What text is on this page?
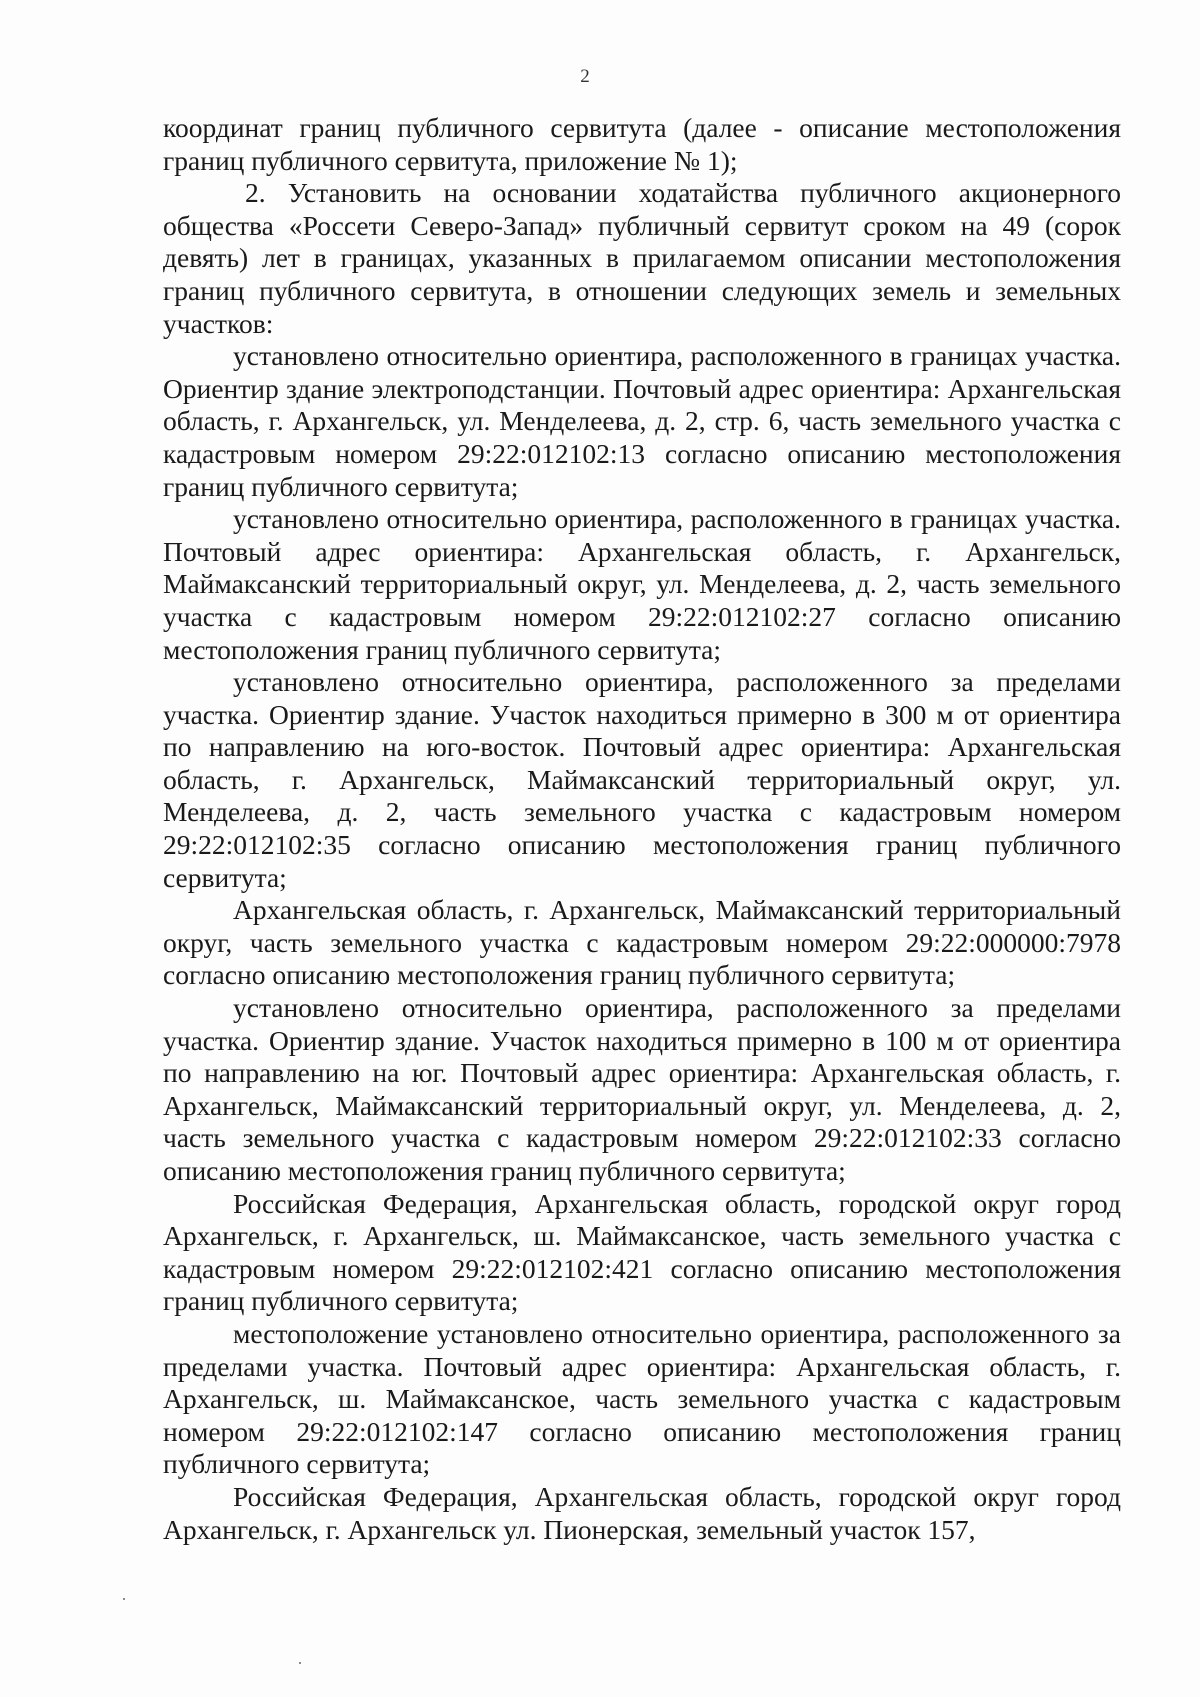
2

координат границ публичного сервитута (далее - описание местоположения границ публичного сервитута, приложение № 1);

2. Установить на основании ходатайства публичного акционерного общества «Россети Северо-Запад» публичный сервитут сроком на 49 (сорок девять) лет в границах, указанных в прилагаемом описании местоположения границ публичного сервитута, в отношении следующих земель и земельных участков:

установлено относительно ориентира, расположенного в границах участка. Ориентир здание электроподстанции. Почтовый адрес ориентира: Архангельская область, г. Архангельск, ул. Менделеева, д. 2, стр. 6, часть земельного участка с кадастровым номером 29:22:012102:13 согласно описанию местоположения границ публичного сервитута;

установлено относительно ориентира, расположенного в границах участка. Почтовый адрес ориентира: Архангельская область, г. Архангельск, Маймаксанский территориальный округ, ул. Менделеева, д. 2, часть земельного участка с кадастровым номером 29:22:012102:27 согласно описанию местоположения границ публичного сервитута;

установлено относительно ориентира, расположенного за пределами участка. Ориентир здание. Участок находиться примерно в 300 м от ориентира по направлению на юго-восток. Почтовый адрес ориентира: Архангельская область, г. Архангельск, Маймаксанский территориальный округ, ул. Менделеева, д. 2, часть земельного участка с кадастровым номером 29:22:012102:35 согласно описанию местоположения границ публичного сервитута;

Архангельская область, г. Архангельск, Маймаксанский территориальный округ, часть земельного участка с кадастровым номером 29:22:000000:7978 согласно описанию местоположения границ публичного сервитута;

установлено относительно ориентира, расположенного за пределами участка. Ориентир здание. Участок находиться примерно в 100 м от ориентира по направлению на юг. Почтовый адрес ориентира: Архангельская область, г. Архангельск, Маймаксанский территориальный округ, ул. Менделеева, д. 2, часть земельного участка с кадастровым номером 29:22:012102:33 согласно описанию местоположения границ публичного сервитута;

Российская Федерация, Архангельская область, городской округ город Архангельск, г. Архангельск, ш. Маймаксанское, часть земельного участка с кадастровым номером 29:22:012102:421 согласно описанию местоположения границ публичного сервитута;

местоположение установлено относительно ориентира, расположенного за пределами участка. Почтовый адрес ориентира: Архангельская область, г. Архангельск, ш. Маймаксанское, часть земельного участка с кадастровым номером 29:22:012102:147 согласно описанию местоположения границ публичного сервитута;

Российская Федерация, Архангельская область, городской округ город Архангельск, г. Архангельск ул. Пионерская, земельный участок 157,
